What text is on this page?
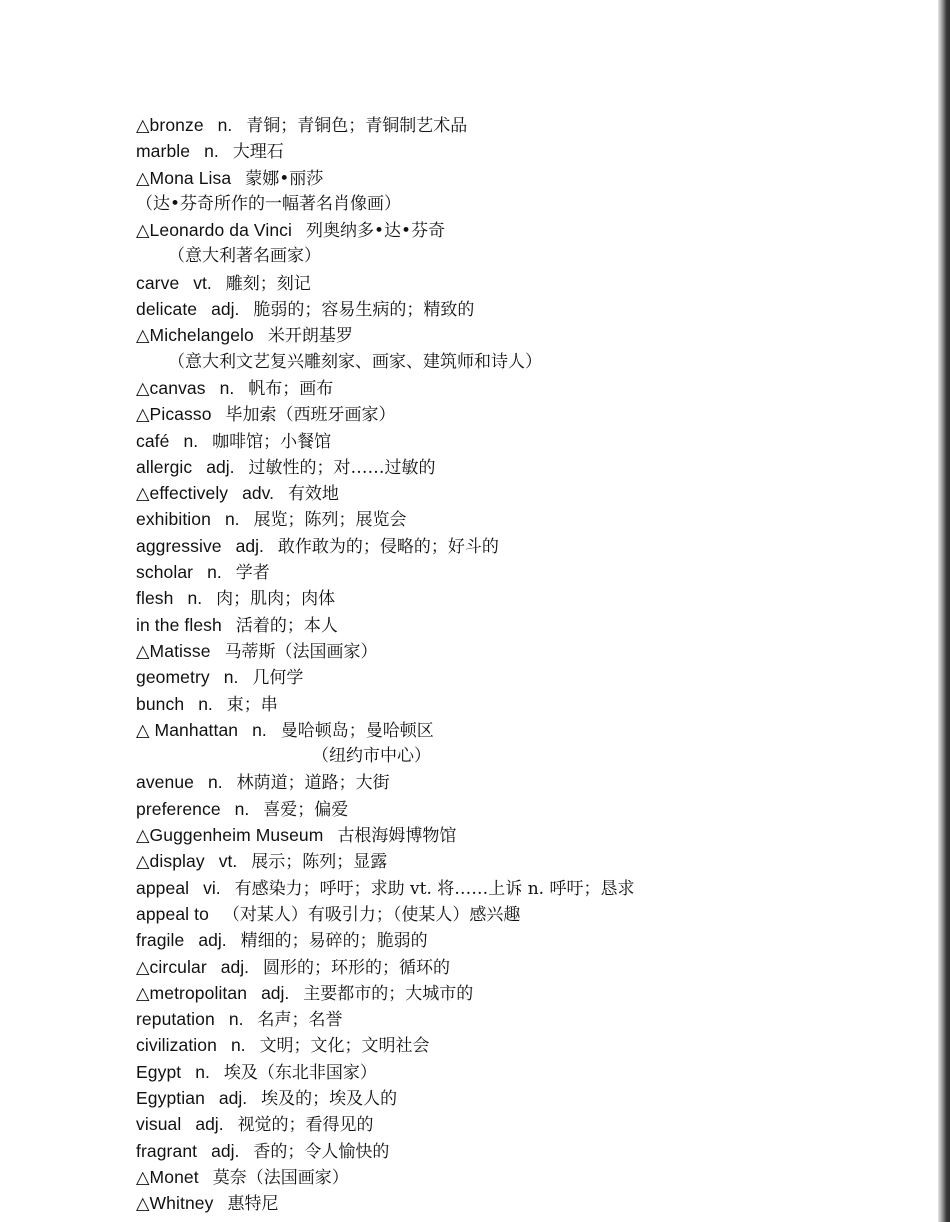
△bronze n. 青铜；青铜色；青铜制艺术品
marble n. 大理石
△Mona Lisa 蒙娜•丽莎
（达•芬奇所作的一幅著名肖像画）
△Leonardo da Vinci 列奥纳多•达•芬奇
（意大利著名画家）
carve vt. 雕刻；刻记
delicate adj. 脆弱的；容易生病的；精致的
△Michelangelo 米开朗基罗
（意大利文艺复兴雕刻家、画家、建筑师和诗人）
△canvas n. 帆布；画布
△Picasso 毕加索（西班牙画家）
café n. 咖啡馆；小餐馆
allergic adj. 过敏性的；对……过敏的
△effectively adv. 有效地
exhibition n. 展览；陈列；展览会
aggressive adj. 敢作敢为的；侵略的；好斗的
scholar n. 学者
flesh n. 肉；肌肉；肉体
in the flesh 活着的；本人
△Matisse 马蒂斯（法国画家）
geometry n. 几何学
bunch n. 束；串
△ Manhattan n. 曼哈顿岛；曼哈顿区
（纽约市中心）
avenue n. 林荫道；道路；大街
preference n. 喜爱；偏爱
△Guggenheim Museum 古根海姆博物馆
△display vt. 展示；陈列；显露
appeal vi. 有感染力；呼吁；求助 vt. 将……上诉 n. 呼吁；恳求
appeal to （对某人）有吸引力；（使某人）感兴趣
fragile adj. 精细的；易碎的；脆弱的
△circular adj. 圆形的；环形的；循环的
△metropolitan adj. 主要都市的；大城市的
reputation n. 名声；名誉
civilization n. 文明；文化；文明社会
Egypt n. 埃及（东北非国家）
Egyptian adj. 埃及的；埃及人的
visual adj. 视觉的；看得见的
fragrant adj. 香的；令人愉快的
△Monet 莫奈（法国画家）
△Whitney 惠特尼
